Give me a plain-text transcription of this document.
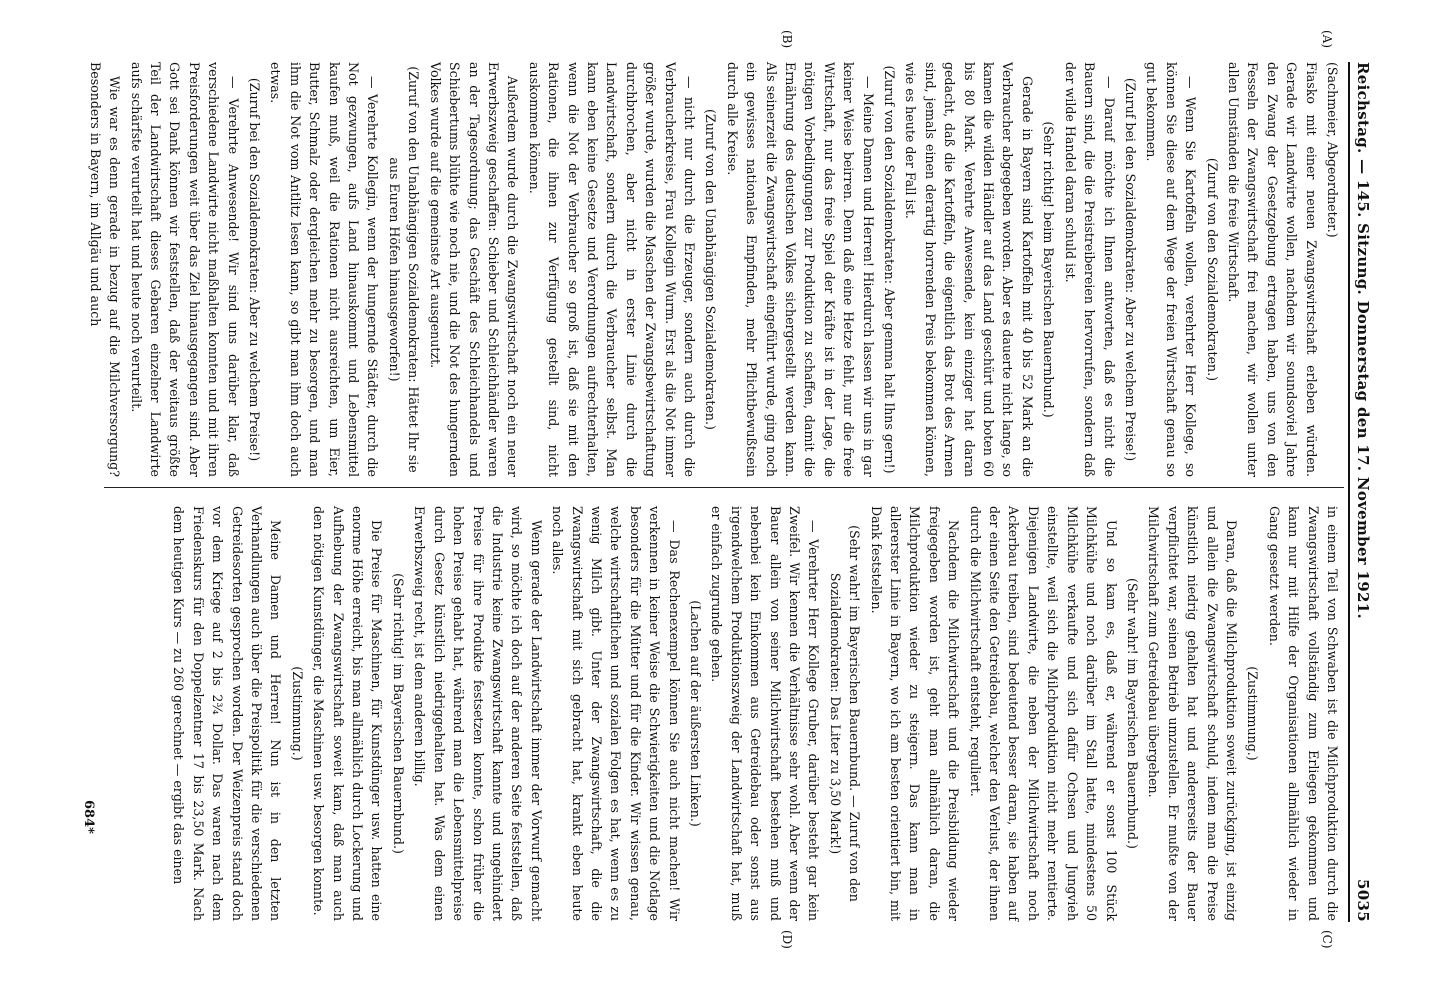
Reichstag. — 145. Sitzung. Donnerstag den 17. November 1921.
5035
(A)
(B)
(C)
(D)

(Sachmeier, Abgeordneter.)

Fiasko mit einer neuen Zwangswirtschaft erleben würden. Gerade wir Landwirte wollen, nachdem wir soundsoviel Jahre den Zwang der Gesetzgebung ertragen haben, uns von den Fesseln der Zwangswirtschaft frei machen, wir wollen unter allen Umständen die freie Wirtschaft.

(Zuruf von den Sozialdemokraten.)

— Wenn Sie Kartoffeln wollen, verehrter Herr Kollege, so können Sie diese auf dem Wege der freien Wirtschaft genau so gut bekommen.

(Zuruf bei den Sozialdemokraten: Aber zu welchem Preise!)

— Darauf möchte ich Ihnen antworten, daß es nicht die Bauern sind, die die Preistreibereien hervorrufen, sondern daß der wilde Handel daran schuld ist.

(Sehr richtig! beim Bayerischen Bauernbund.)

Gerade in Bayern sind Kartoffeln mit 40 bis 52 Mark an die Verbraucher abgegeben worden. Aber es dauerte nicht lange, so kamen die wilden Händler auf das Land geschürt und boten 60 bis 80 Mark. Verehrte Anwesende, kein einziger hat daran gedacht, daß die Kartoffeln, die eigentlich das Brot des Armen sind, jemals einen derartig horrenden Preis bekommen können, wie es heute der Fall ist.

(Zuruf von den Sozialdemokraten: Aber gemma halt Ihns gern!)

— Meine Damen und Herren! Hierdurch lassen wir uns in gar keiner Weise beirren. Denn daß eine Hetze fehlt, nur die freie Wirtschaft, nur das freie Spiel der Kräfte ist in der Lage, die nötigen Vorbedingungen zur Produktion zu schaffen, damit die Ernährung des deutschen Volkes sichergestellt werden kann. Als seinerzeit die Zwangswirtschaft eingeführt wurde, ging noch ein gewisses nationales Empfinden, mehr Pflichtbewußtsein durch alle Kreise.

(Zuruf von den Unabhängigen Sozialdemokraten.)

— nicht nur durch die Erzeuger, sondern auch durch die Verbraucherkreise, Frau Kollegin Wurm. Erst als die Not immer größer wurde, wurden die Maschen der Zwangsbewirtschaftung durchbrochen, aber nicht in erster Linie durch die Landwirtschaft, sondern durch die Verbraucher selbst. Man kann eben keine Gesetze und Verordnungen aufrechterhalten, wenn die Not der Verbraucher so groß ist, daß sie mit den Rationen, die ihnen zur Verfügung gestellt sind, nicht auskommen können.

Außerdem wurde durch die Zwangswirtschaft noch ein neuer Erwerbszweig geschaffen: Schieber und Schleichhändler waren an der Tagesordnung; das Geschäft des Schleichhandels und Schiebertums blühte wie noch nie, und die Not des hungernden Volkes wurde auf die gemeinste Art ausgenutzt.

(Zuruf von den Unabhängigen Sozialdemokraten: Hättet Ihr sie aus Euren Höfen hinausgeworfen!)

— Verehrte Kollegin, wenn der hungernde Städter, durch die Not gezwungen, aufs Land hinauskommt und Lebensmittel kaufen muß, weil die Rationen nicht ausreichten, um Eier, Butter, Schmalz oder dergleichen mehr zu besorgen, und man ihm die Not vom Antlitz lesen kann, so gibt man ihm doch auch etwas.

(Zuruf bei den Sozialdemokraten: Aber zu welchem Preise!)

— Verehrte Anwesende! Wir sind uns darüber klar, daß verschiedene Landwirte nicht maßhalten konnten und mit ihren Preisforderungen weit über das Ziel hinausgegangen sind. Aber Gott sei Dank können wir feststellen, daß der weitaus größte Teil der Landwirtschaft dieses Gebaren einzelner Landwirte aufs schärfste verurteilt hat und heute noch verurteilt.

Wie war es denn gerade in bezug auf die Milchversorgung? Besonders in Bayern, im Allgäu und auch

in einem Teil von Schwaben ist die Milchproduktion durch die Zwangswirtschaft vollständig zum Erliegen gekommen und kann nur mit Hilfe der Organisationen allmählich wieder in Gang gesetzt werden.

(Zustimmung.)

Daran, daß die Milchproduktion soweit zurückging, ist einzig und allein die Zwangswirtschaft schuld, indem man die Preise künstlich niedrig gehalten hat und andererseits der Bauer verpflichtet war, seinen Betrieb umzustellen. Er mußte von der Milchwirtschaft zum Getreidebau übergehen.

(Sehr wahr! im Bayerischen Bauernbund.)

Und so kam es, daß er, während er sonst 100 Stück Milchkühe und noch darüber im Stall hatte, mindestens 50 Milchkühe verkaufte und sich dafür Ochsen und Jungvieh einstellte, weil sich die Milchproduktion nicht mehr rentierte. Diejenigen Landwirte, die neben der Milchwirtschaft noch Ackerbau treiben, sind bedeutend besser daran, sie haben auf der einen Seite den Getreidebau, welcher den Verlust, der ihnen durch die Milchwirtschaft entsteht, reguliert.

Nachdem die Milchwirtschaft und die Preisbildung wieder freigegeben worden ist, geht man allmählich daran, die Milchproduktion wieder zu steigern. Das kann man in allererster Linie in Bayern, wo ich am besten orientiert bin, mit Dank feststellen.

(Sehr wahr! im Bayerischen Bauernbund. — Zuruf von den Sozialdemokraten: Das Liter zu 3,50 Mark!)

— Verehrter Herr Kollege Gruber, darüber besteht gar kein Zweifel. Wir kennen die Verhältnisse sehr wohl. Aber wenn der Bauer allein von seiner Milchwirtschaft bestehen muß und nebenbei kein Einkommen aus Getreidebau oder sonst aus irgendwelchem Produktionszweig der Landwirtschaft hat, muß er einfach zugrunde gehen.

(Lachen auf der äußersten Linken.)

— Das Rechenexempel können Sie auch nicht machen! Wir verkennen in keiner Weise die Schwierigkeiten und die Notlage besonders für die Mütter und für die Kinder. Wir wissen genau, welche wirtschaftlichen und sozialen Folgen es hat, wenn es zu wenig Milch gibt. Unter der Zwangswirtschaft, die die Zwangswirtschaft mit sich gebracht hat, krankt eben heute noch alles.

Wenn gerade der Landwirtschaft immer der Vorwurf gemacht wird, so möchte ich doch auf der anderen Seite feststellen, daß die Industrie keine Zwangswirtschaft kannte und ungehindert Preise für ihre Produkte festsetzen konnte, schon früher die hohen Preise gehabt hat, während man die Lebensmittelpreise durch Gesetz künstlich niedriggehalten hat. Was dem einen Erwerbszweig recht, ist dem anderen billig.

(Sehr richtig! im Bayerischen Bauernbund.)

Die Preise für Maschinen, für Kunstdünger usw. hatten eine enorme Höhe erreicht, bis man allmählich durch Lockerung und Aufhebung der Zwangswirtschaft soweit kam, daß man auch den nötigen Kunstdünger, die Maschinen usw. besorgen konnte.

(Zustimmung.)

Meine Damen und Herren! Nun ist in den letzten Verhandlungen auch über die Preispolitik für die verschiedenen Getreidesorten gesprochen worden. Der Weizenpreis stand doch vor dem Kriege auf 2 bis 2¾ Dollar. Das waren nach dem Friedenskurs für den Doppelzentner 17 bis 23,50 Mark. Nach dem heutigen Kurs — zu 260 gerechnet — ergibt das einen

684*
